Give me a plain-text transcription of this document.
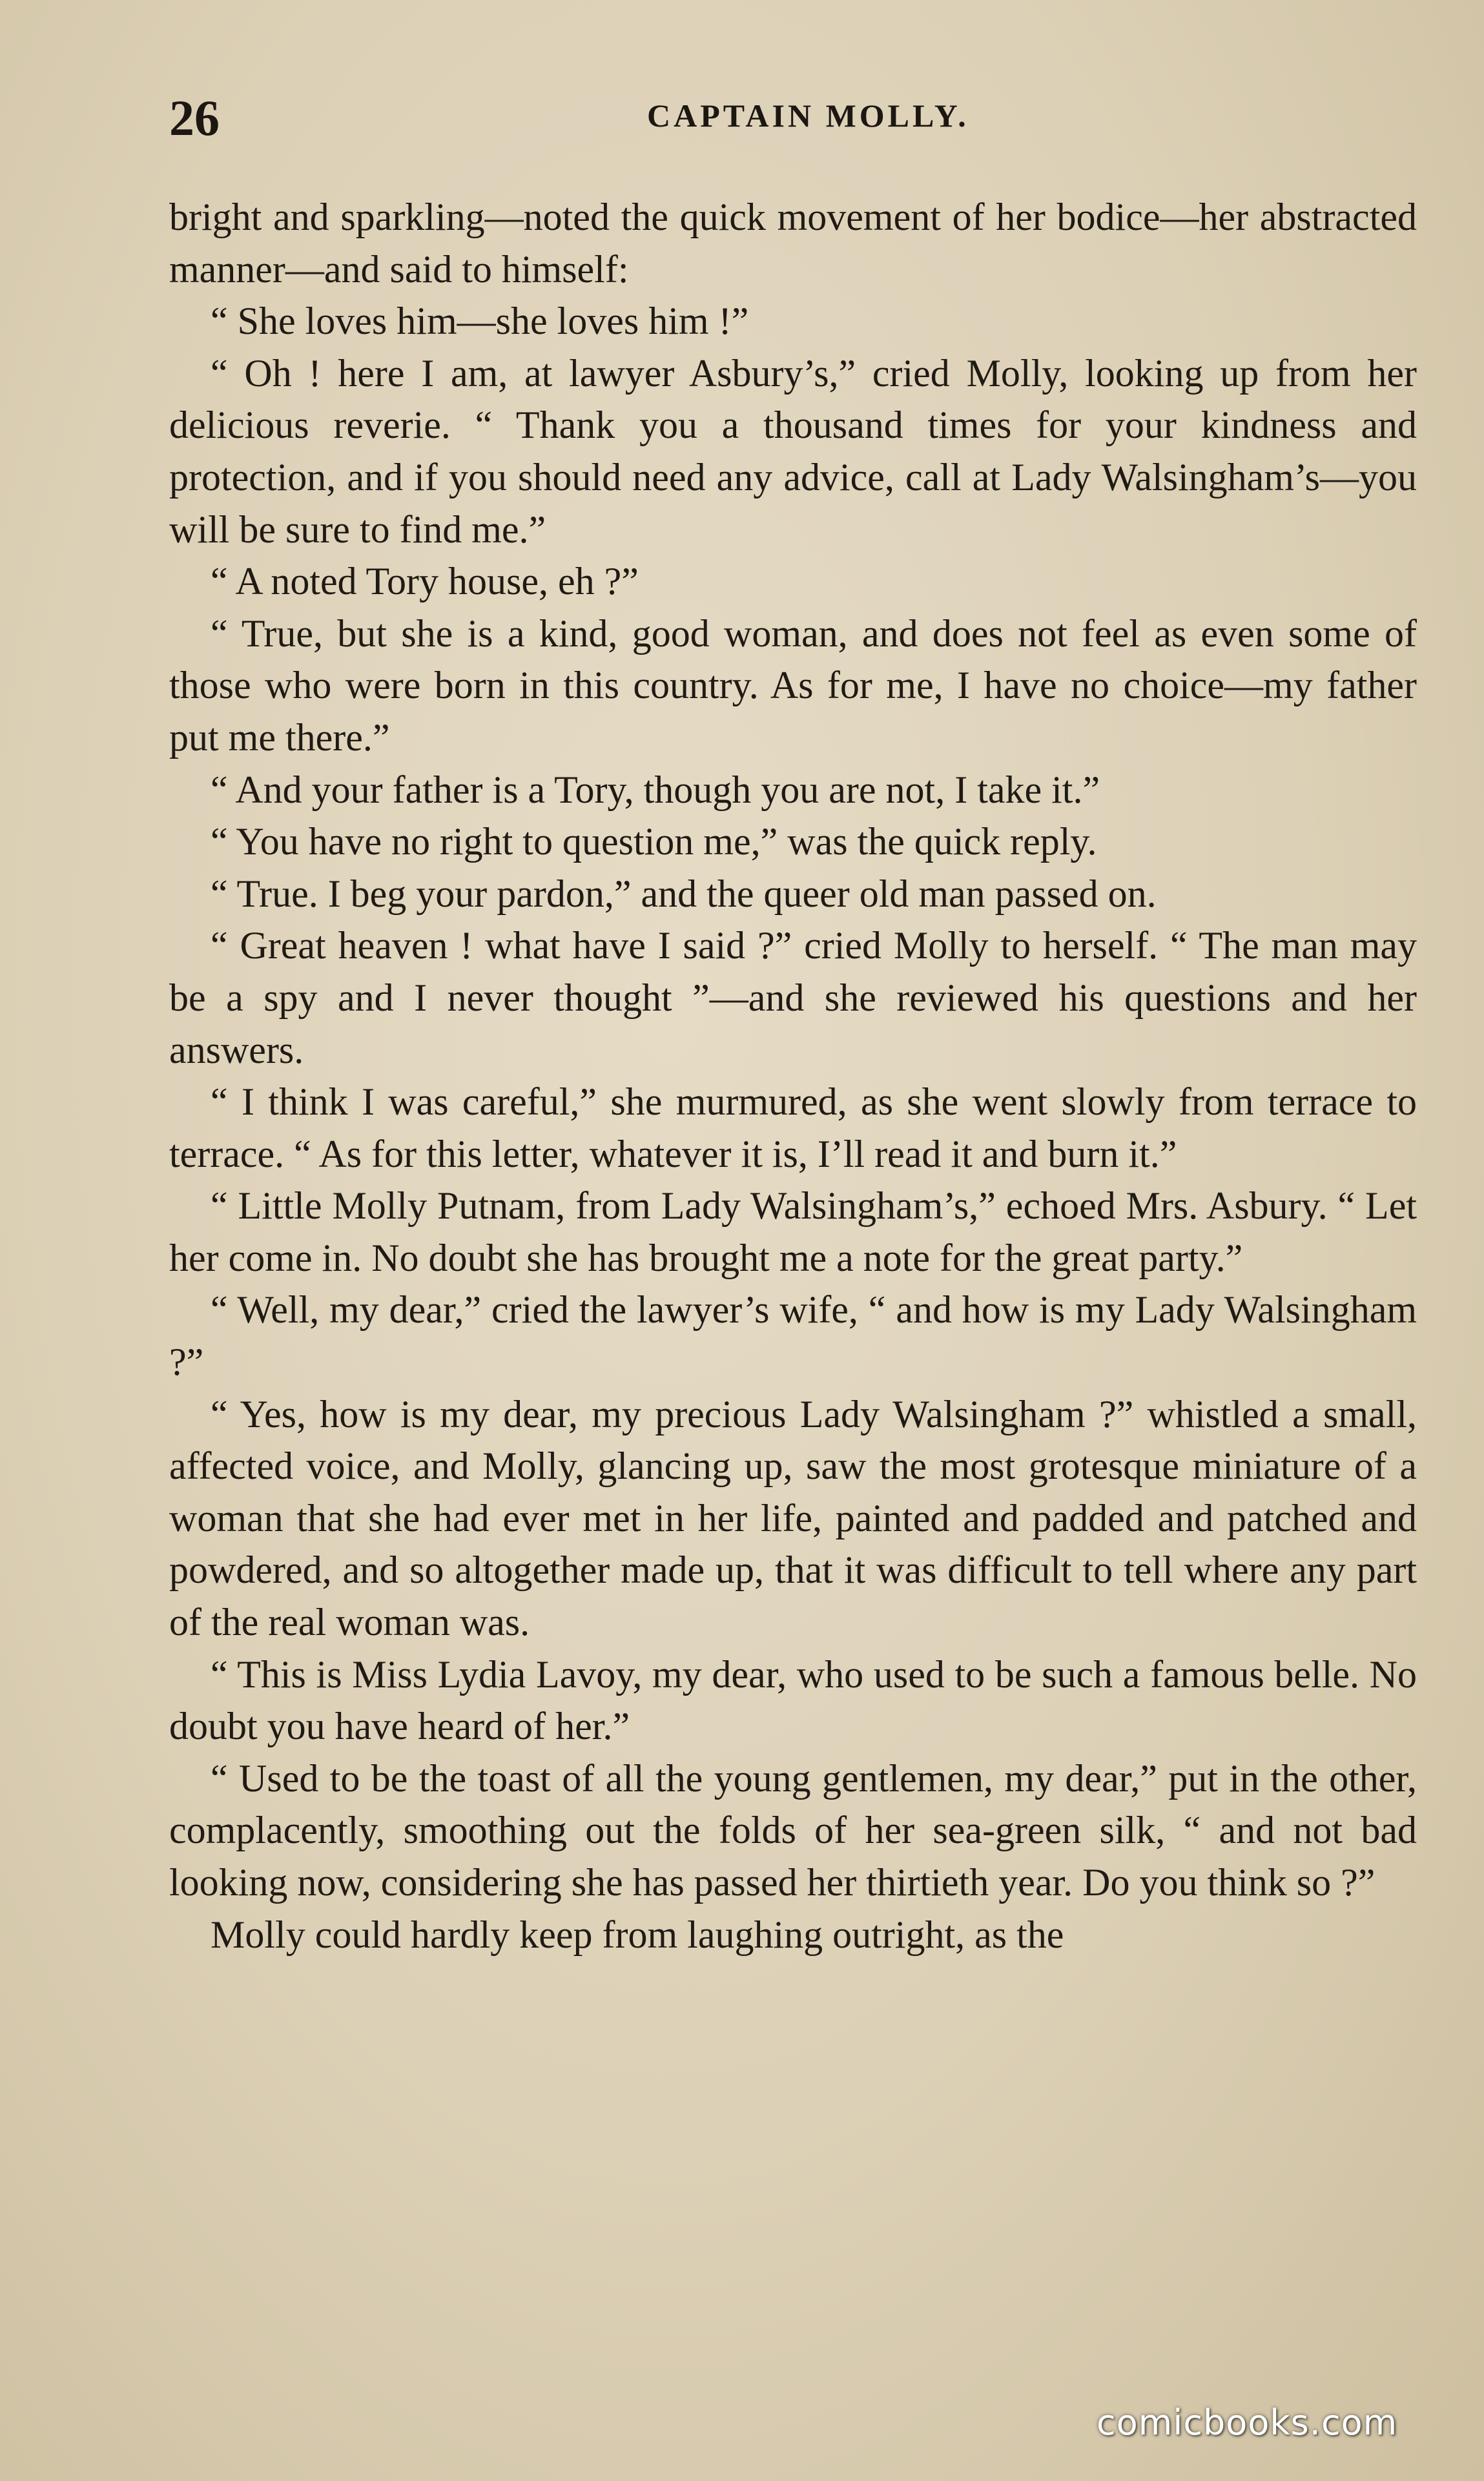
26	CAPTAIN MOLLY.

bright and sparkling—noted the quick movement of her bodice—her abstracted manner—and said to himself:

“ She loves him—she loves him !”

“ Oh ! here I am, at lawyer Asbury’s,” cried Molly, looking up from her delicious reverie. “ Thank you a thousand times for your kindness and protection, and if you should need any advice, call at Lady Walsingham’s—you will be sure to find me.”

“ A noted Tory house, eh ?”

“ True, but she is a kind, good woman, and does not feel as even some of those who were born in this country. As for me, I have no choice—my father put me there.”

“ And your father is a Tory, though you are not, I take it.”

“ You have no right to question me,” was the quick reply.

“ True. I beg your pardon,” and the queer old man passed on.

“ Great heaven ! what have I said ?” cried Molly to herself. “ The man may be a spy and I never thought ”—and she reviewed his questions and her answers.

“ I think I was careful,” she murmured, as she went slowly from terrace to terrace. “ As for this letter, whatever it is, I’ll read it and burn it.”

“ Little Molly Putnam, from Lady Walsingham’s,” echoed Mrs. Asbury. “ Let her come in. No doubt she has brought me a note for the great party.”

“ Well, my dear,” cried the lawyer’s wife, “ and how is my Lady Walsingham ?”

“ Yes, how is my dear, my precious Lady Walsingham ?” whistled a small, affected voice, and Molly, glancing up, saw the most grotesque miniature of a woman that she had ever met in her life, painted and padded and patched and powdered, and so altogether made up, that it was difficult to tell where any part of the real woman was.

“ This is Miss Lydia Lavoy, my dear, who used to be such a famous belle. No doubt you have heard of her.”

“ Used to be the toast of all the young gentlemen, my dear,” put in the other, complacently, smoothing out the folds of her sea-green silk, “ and not bad looking now, considering she has passed her thirtieth year. Do you think so ?”

Molly could hardly keep from laughing outright, as the

comicbooks.com
